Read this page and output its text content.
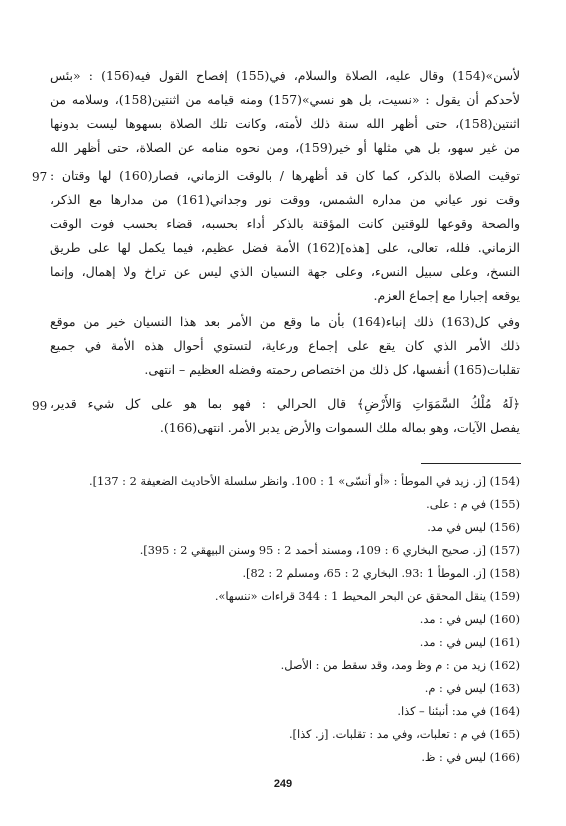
لأسن»(154) وقال عليه، الصلاة والسلام، في(155) إفصاح القول فيه(156) : «بئس
لأحدكم أن يقول : «نسيت، بل هو نسي»(157) ومنه قيامه من اثنتين(158)، وسلامه من
اثنتين(158)، حتى أظهر الله سنة ذلك لأمته، وكانت تلك الصلاة بسهوها ليست بدونها
من غير سهو، بل هي مثلها أو خير(159)، ومن نحوه منامه عن الصلاة، حتى أظهر الله
توقيت الصلاة بالذكر، كما كان قد أظهرها / بالوقت الزماني، فصار(160) لها وقتان :
وقت نور عياني من مداره الشمس، ووقت نور وجداني(161) من مدارها مع الذكر،
والصحة وقوعها للوقتين كانت المؤقتة بالذكر أداء بحسبه، قضاء بحسب فوت الوقت
الزماني. فلله، تعالى، على [هذه](162) الأمة فضل عظيم، فيما يكمل لها على طريق
النسخ، وعلى سبيل النسء، وعلى جهة النسيان الذي ليس عن تراخ ولا إهمال، وإنما
يوقعه إجبارا مع إجماع العزم.
وفي كل(163) ذلك إنباء(164) بأن ما وقع من الأمر بعد هذا النسيان خير من موقع
ذلك الأمر الذي كان يقع على إجماع ورعاية، لتستوي أحوال هذه الأمة في جميع
تقلبات(165) أنفسها، كل ذلك من اختصاص رحمته وفضله العظيم – انتهى.
﴿لَهُ مُلْكُ السَّمَوَاتِ وَالأَرْضِ﴾ قال الحرالي : فهو بما هو على كل شيء قدير،
يفصل الآيات، وهو بماله ملك السموات والأرض يدبر الأمر. انتهى(166).
97
99
(154) [ز. زيد في الموطأ : «أو أنسّى» 1 : 100. وانظر سلسلة الأحاديث الضعيفة 2 : 137].
(155) في م : على.
(156) ليس في مد.
(157) [ز. صحيح البخاري 6 : 109، ومسند أحمد 2 : 95 وسنن البيهقي 2 : 395].
(158) [ز. الموطأ 1 :93. البخاري 2 : 65، ومسلم 2 : 82].
(159) ينقل المحقق عن البحر المحيط 1 : 344 قراءات «ننسها».
(160) ليس في : مد.
(161) ليس في : مد.
(162) زيد من : م وظ ومد، وقد سقط من : الأصل.
(163) ليس في : م.
(164) في مد: أنبئنا – كذا.
(165) في م : تعلبات، وفي مد : تقلبات. [ز. كذا].
(166) ليس في : ظ.
249
